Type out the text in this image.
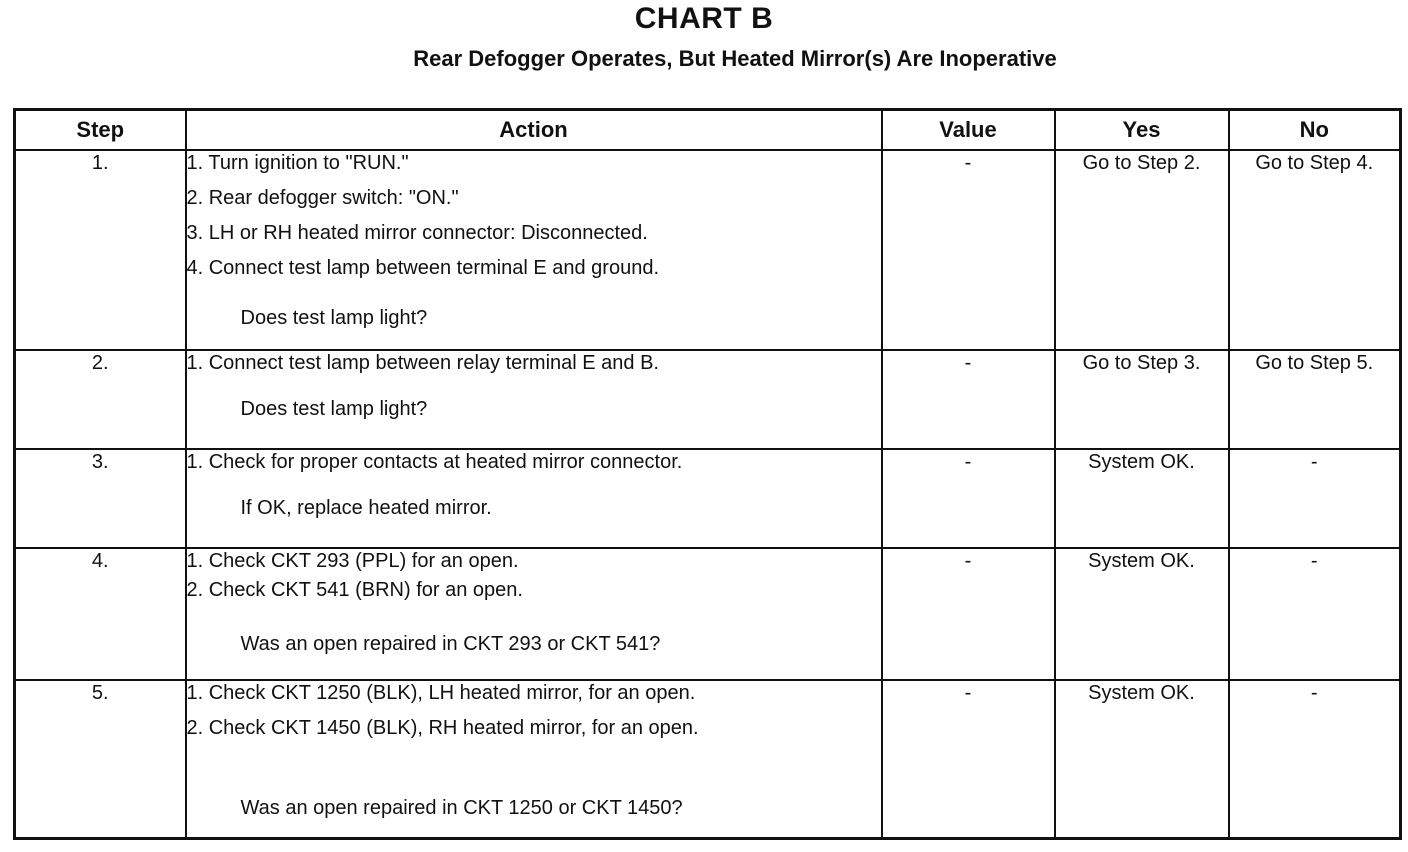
CHART B
Rear Defogger Operates, But Heated Mirror(s) Are Inoperative
Step	Action	Value	Yes	No
1.	1. Turn ignition to "RUN."
2. Rear defogger switch: "ON."
3. LH or RH heated mirror connector: Disconnected.
4. Connect test lamp between terminal E and ground.
Does test lamp light?	-	Go to Step 2.	Go to Step 4.
2.	1. Connect test lamp between relay terminal E and B.
Does test lamp light?	-	Go to Step 3.	Go to Step 5.
3.	1. Check for proper contacts at heated mirror connector.
If OK, replace heated mirror.	-	System OK.	-
4.	1. Check CKT 293 (PPL) for an open.
2. Check CKT 541 (BRN) for an open.
Was an open repaired in CKT 293 or CKT 541?	-	System OK.	-
5.	1. Check CKT 1250 (BLK), LH heated mirror, for an open.
2. Check CKT 1450 (BLK), RH heated mirror, for an open.
Was an open repaired in CKT 1250 or CKT 1450?	-	System OK.	-
